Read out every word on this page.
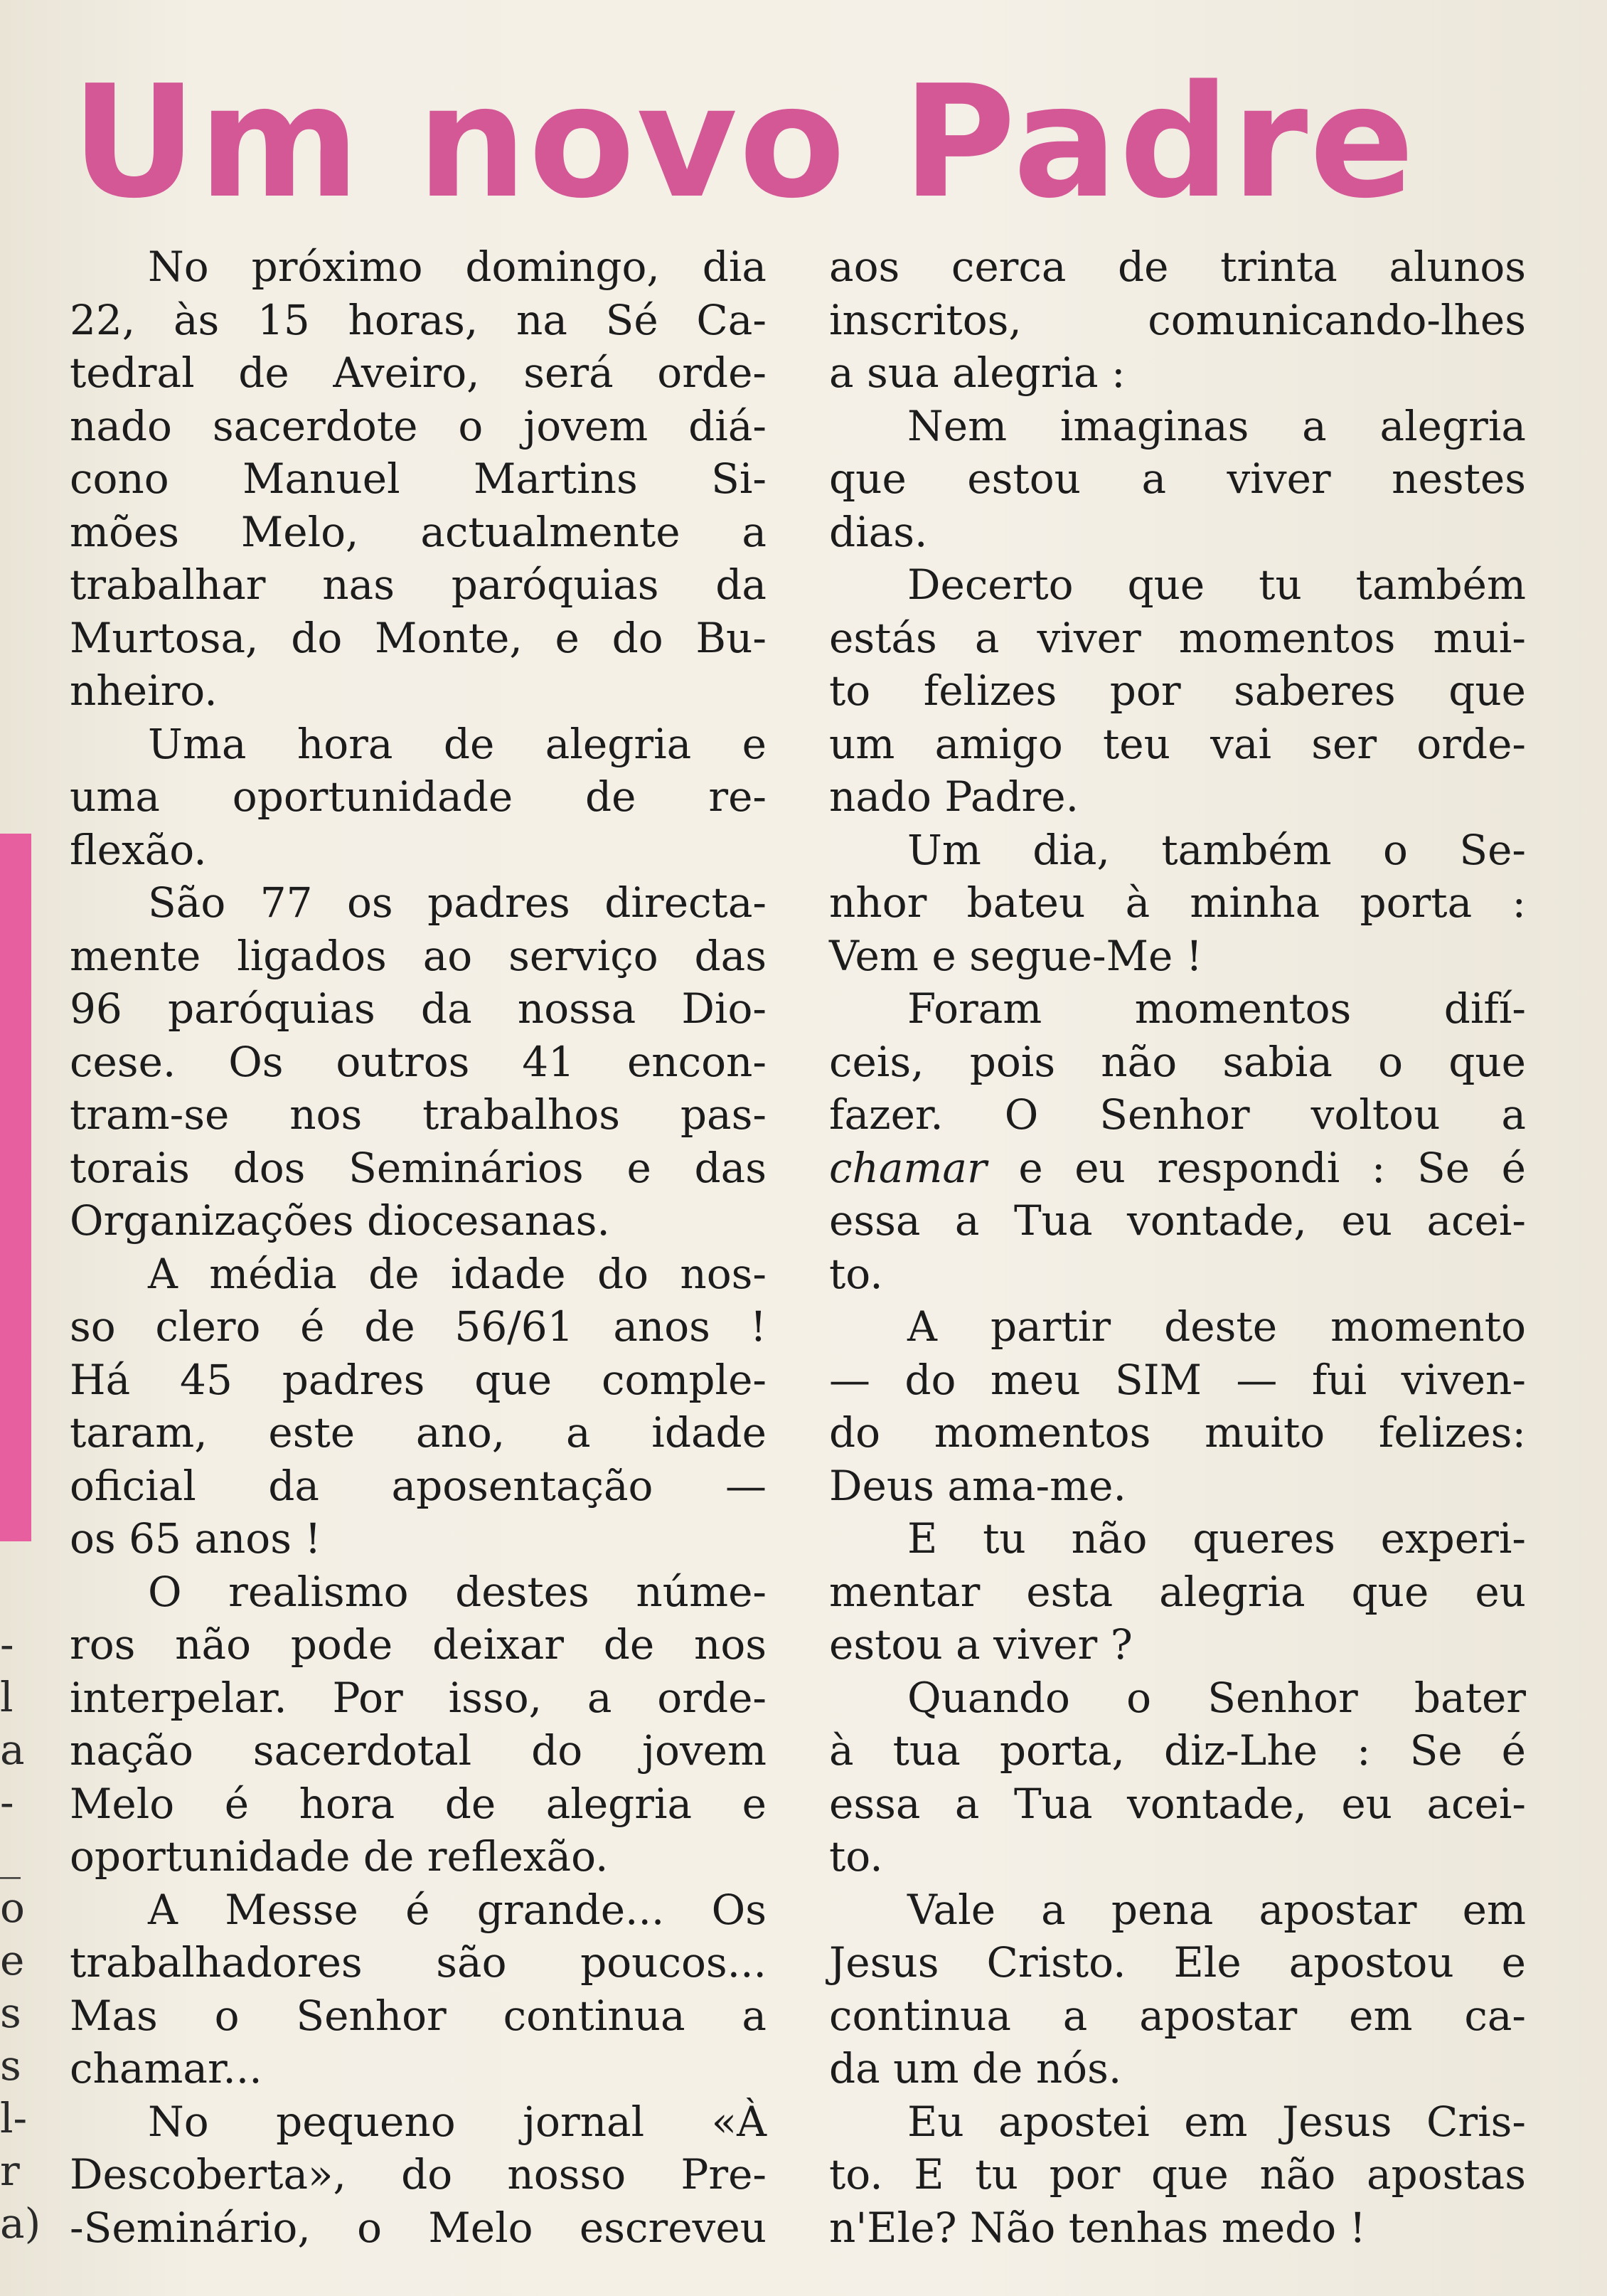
Um novo Padre
-
l
a
-
_
o
e
s
s
l-
r
a)
No próximo domingo, dia
22, às 15 horas, na Sé Ca-
tedral de Aveiro, será orde-
nado sacerdote o jovem diá-
cono Manuel Martins Si-
mões Melo, actualmente a
trabalhar nas paróquias da
Murtosa, do Monte, e do Bu-
nheiro.
Uma hora de alegria e
uma oportunidade de re-
flexão.
São 77 os padres directa-
mente ligados ao serviço das
96 paróquias da nossa Dio-
cese. Os outros 41 encon-
tram-se nos trabalhos pas-
torais dos Seminários e das
Organizações diocesanas.
A média de idade do nos-
so clero é de 56/61 anos !
Há 45 padres que comple-
taram, este ano, a idade
oficial da aposentação —
os 65 anos !
O realismo destes núme-
ros não pode deixar de nos
interpelar. Por isso, a orde-
nação sacerdotal do jovem
Melo é hora de alegria e
oportunidade de reflexão.
A Messe é grande... Os
trabalhadores são poucos...
Mas o Senhor continua a
chamar...
No pequeno jornal «À
Descoberta», do nosso Pre-
-Seminário, o Melo escreveu
aos cerca de trinta alunos
inscritos, comunicando-lhes
a sua alegria :
Nem imaginas a alegria
que estou a viver nestes
dias.
Decerto que tu também
estás a viver momentos mui-
to felizes por saberes que
um amigo teu vai ser orde-
nado Padre.
Um dia, também o Se-
nhor bateu à minha porta :
Vem e segue-Me !
Foram momentos difí-
ceis, pois não sabia o que
fazer. O Senhor voltou a
chamar e eu respondi : Se é
essa a Tua vontade, eu acei-
to.
A partir deste momento
— do meu SIM — fui viven-
do momentos muito felizes:
Deus ama-me.
E tu não queres experi-
mentar esta alegria que eu
estou a viver ?
Quando o Senhor bater
à tua porta, diz-Lhe : Se é
essa a Tua vontade, eu acei-
to.
Vale a pena apostar em
Jesus Cristo. Ele apostou e
continua a apostar em ca-
da um de nós.
Eu apostei em Jesus Cris-
to. E tu por que não apostas
n'Ele? Não tenhas medo !
